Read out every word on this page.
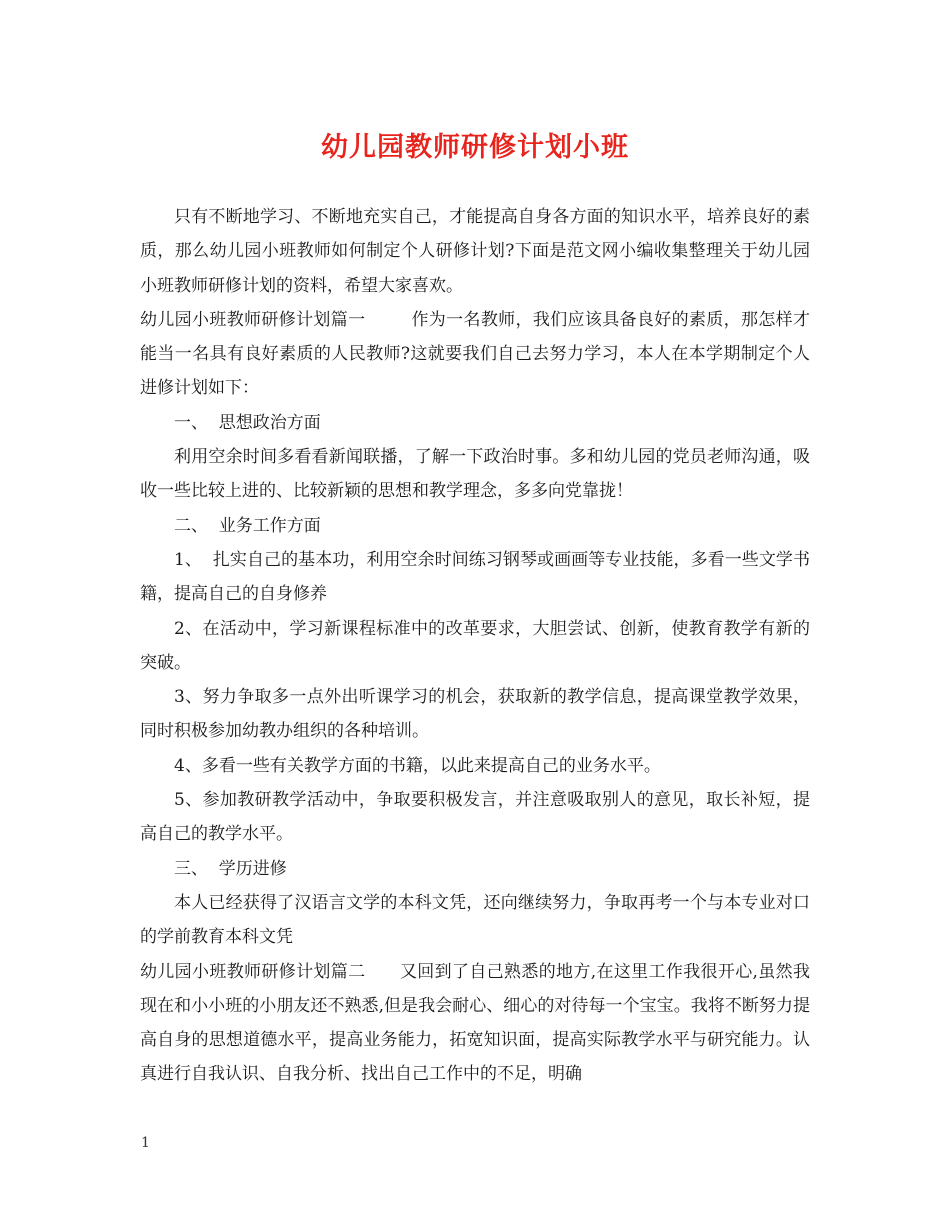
幼儿园教师研修计划小班

只有不断地学习、不断地充实自己，才能提高自身各方面的知识水平，培养良好的素质，那么幼儿园小班教师如何制定个人研修计划?下面是范文网小编收集整理关于幼儿园小班教师研修计划的资料，希望大家喜欢。

幼儿园小班教师研修计划篇一	作为一名教师，我们应该具备良好的素质，那怎样才能当一名具有良好素质的人民教师?这就要我们自己去努力学习，本人在本学期制定个人进修计划如下：

一、  思想政治方面

利用空余时间多看看新闻联播，了解一下政治时事。多和幼儿园的党员老师沟通，吸收一些比较上进的、比较新颖的思想和教学理念，多多向党靠拢！

二、  业务工作方面

1、  扎实自己的基本功，利用空余时间练习钢琴或画画等专业技能，多看一些文学书籍，提高自己的自身修养

2、在活动中，学习新课程标准中的改革要求，大胆尝试、创新，使教育教学有新的突破。

3、努力争取多一点外出听课学习的机会，获取新的教学信息，提高课堂教学效果，同时积极参加幼教办组织的各种培训。

4、多看一些有关教学方面的书籍，以此来提高自己的业务水平。

5、参加教研教学活动中，争取要积极发言，并注意吸取别人的意见，取长补短，提高自己的教学水平。

三、  学历进修

本人已经获得了汉语言文学的本科文凭，还向继续努力，争取再考一个与本专业对口的学前教育本科文凭

幼儿园小班教师研修计划篇二 又回到了自己熟悉的地方,在这里工作我很开心,虽然我现在和小小班的小朋友还不熟悉,但是我会耐心、细心的对待每一个宝宝。我将不断努力提高自身的思想道德水平，提高业务能力，拓宽知识面，提高实际教学水平与研究能力。认真进行自我认识、自我分析、找出自己工作中的不足，明确

1
